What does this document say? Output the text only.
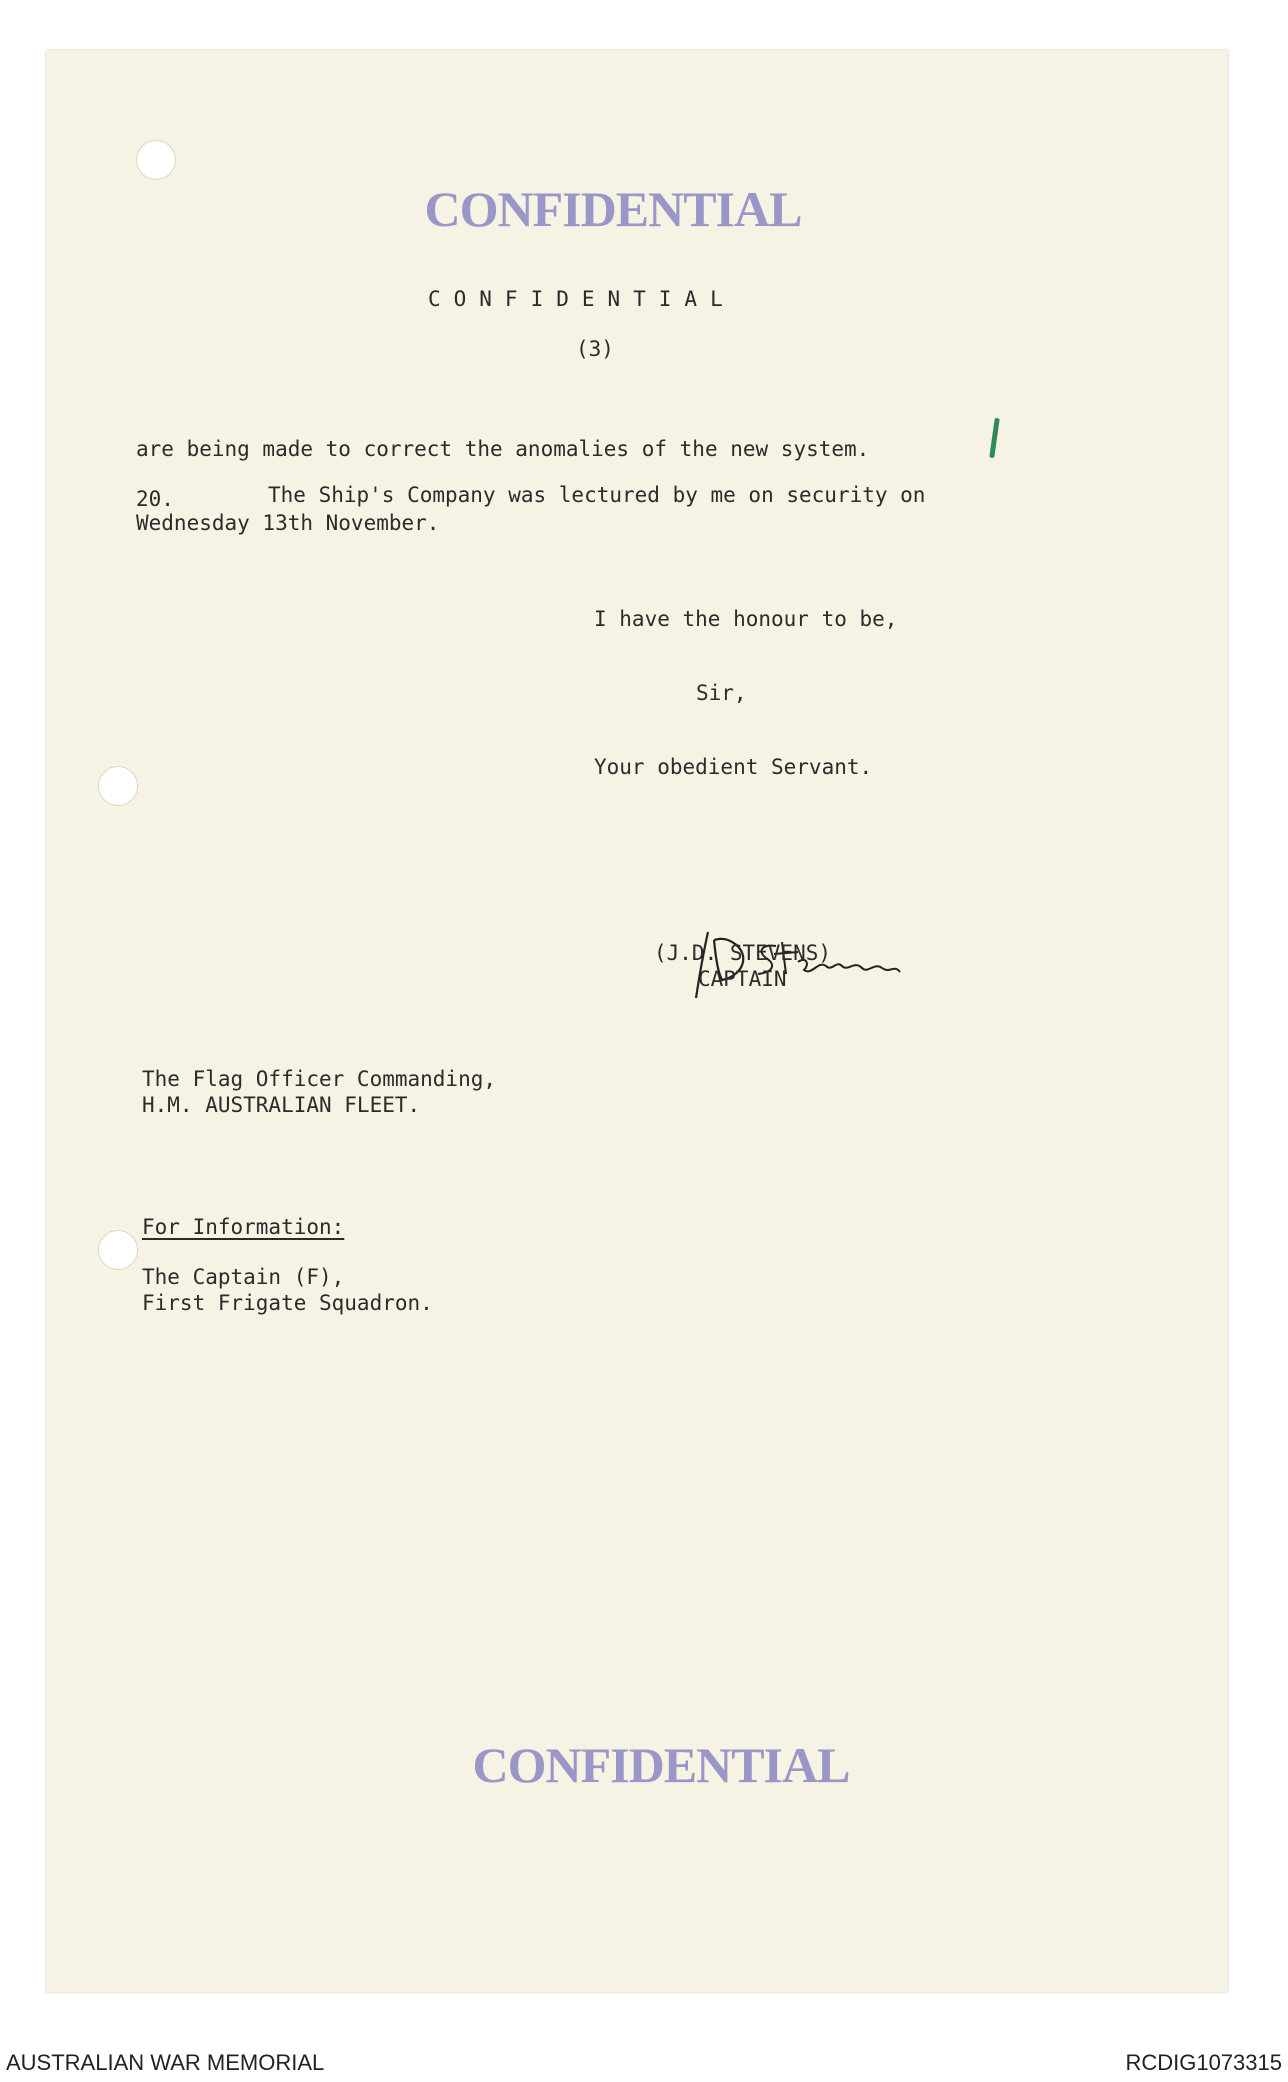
CONFIDENTIAL
CONFIDENTIAL
(3)
are being made to correct the anomalies of the new system.
20.	The Ship's Company was lectured by me on security on
Wednesday 13th November.
I have the honour to be,
Sir,
Your obedient Servant.
(J.D. STEVENS)
CAPTAIN
The Flag Officer Commanding,
H.M. AUSTRALIAN FLEET.
For Information:
The Captain (F),
First Frigate Squadron.
CONFIDENTIAL
AUSTRALIAN WAR MEMORIAL	RCDIG1073315
